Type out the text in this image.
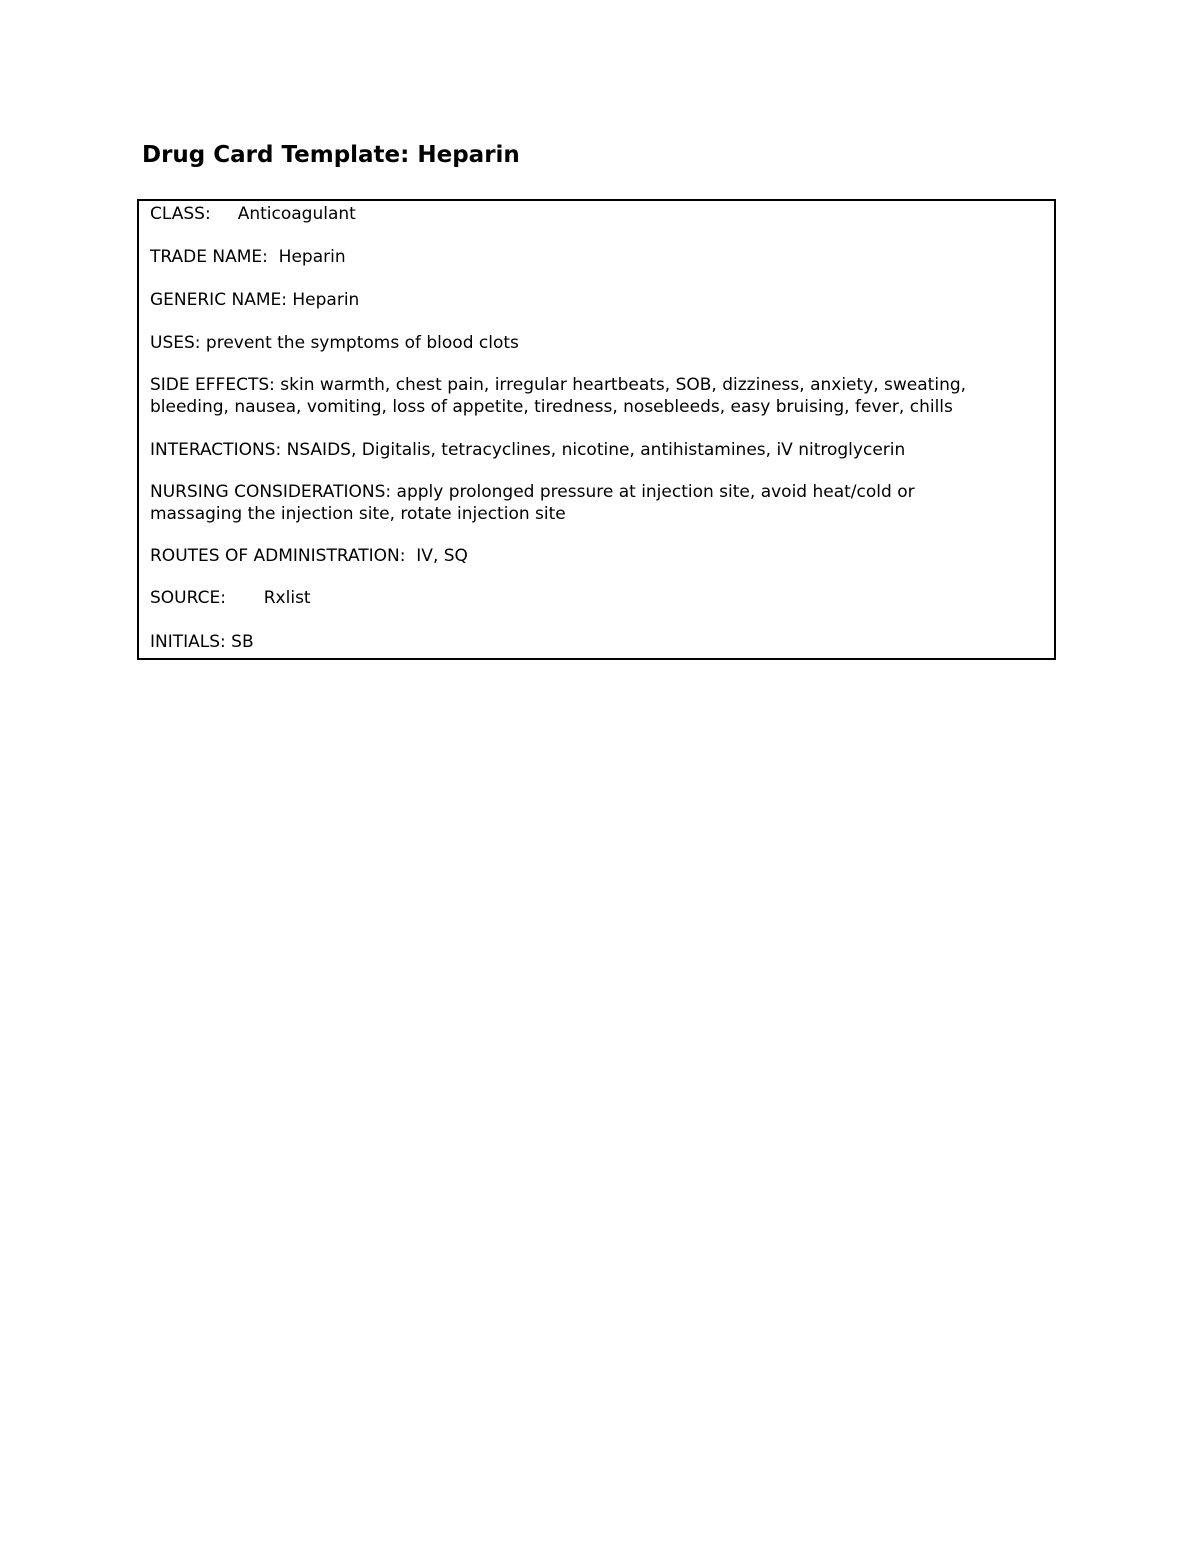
Drug Card Template: Heparin
CLASS: Anticoagulant
TRADE NAME: Heparin
GENERIC NAME: Heparin
USES: prevent the symptoms of blood clots
SIDE EFFECTS: skin warmth, chest pain, irregular heartbeats, SOB, dizziness, anxiety, sweating,
bleeding, nausea, vomiting, loss of appetite, tiredness, nosebleeds, easy bruising, fever, chills
INTERACTIONS: NSAIDS, Digitalis, tetracyclines, nicotine, antihistamines, iV nitroglycerin
NURSING CONSIDERATIONS: apply prolonged pressure at injection site, avoid heat/cold or
massaging the injection site, rotate injection site
ROUTES OF ADMINISTRATION: IV, SQ
SOURCE: Rxlist
INITIALS: SB
